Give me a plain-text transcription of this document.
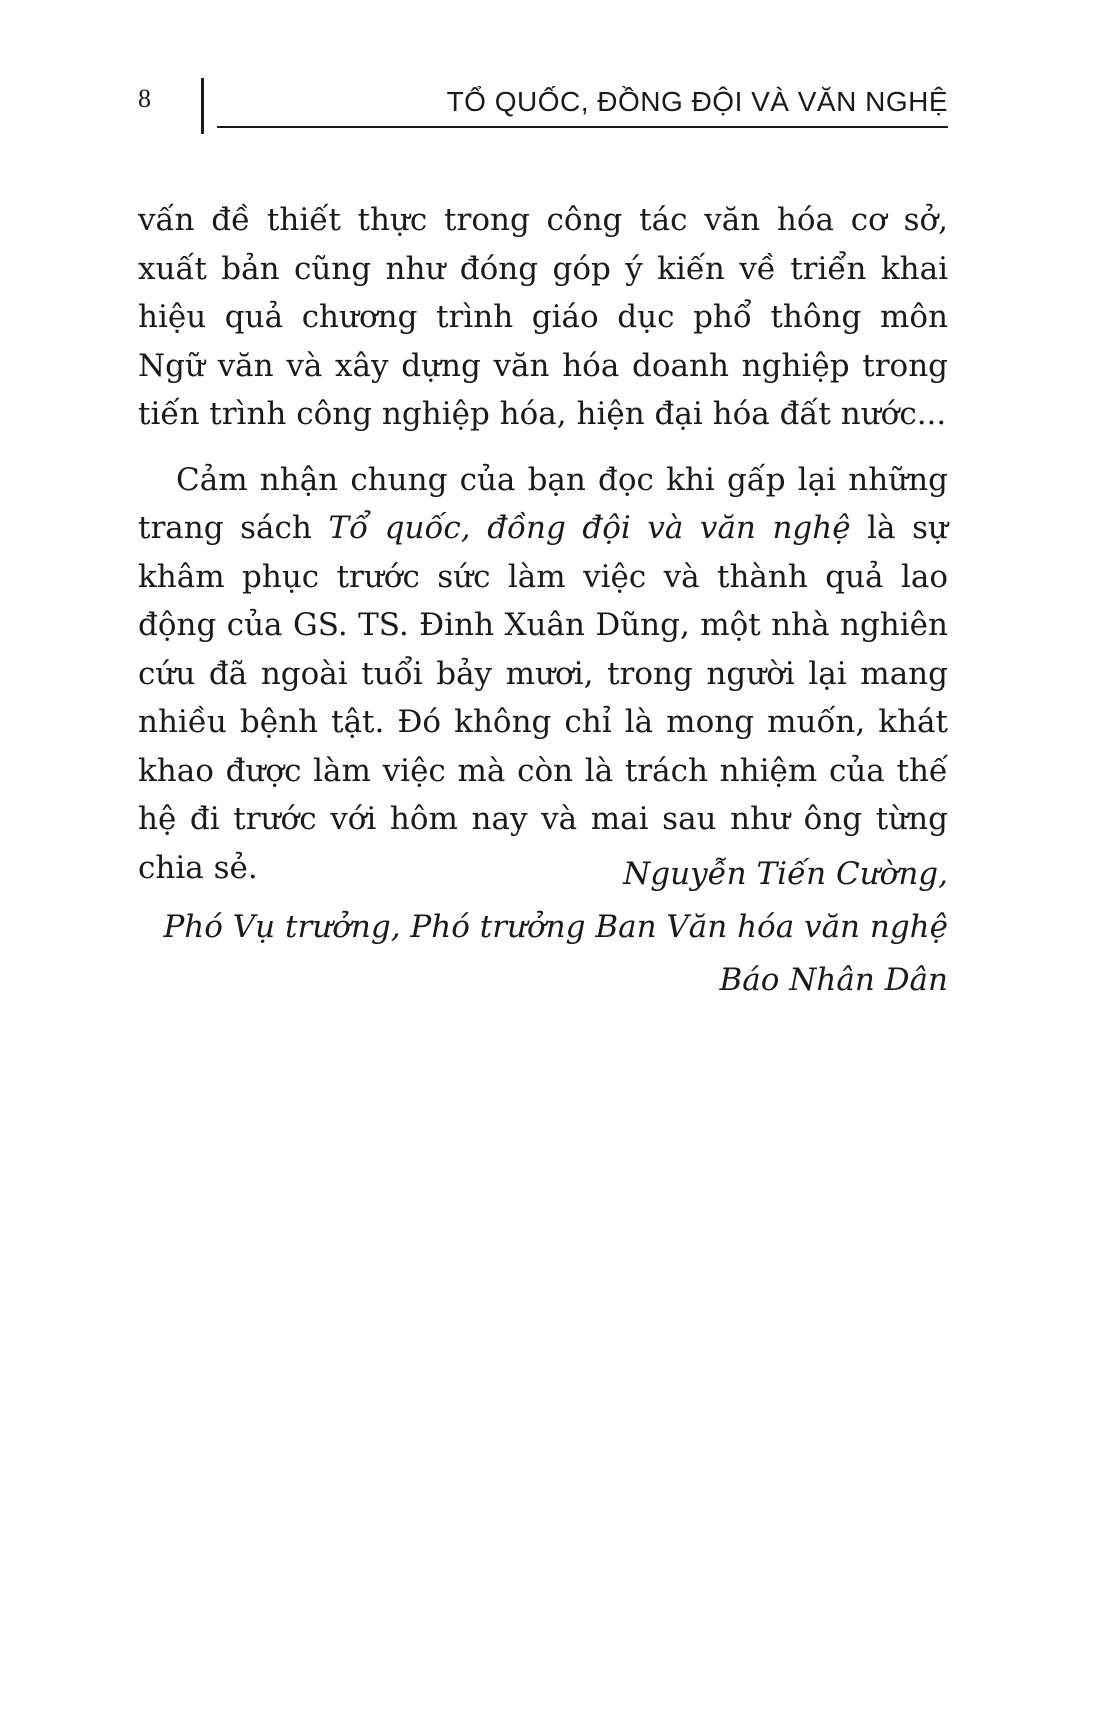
8	TỔ QUỐC, ĐỒNG ĐỘI VÀ VĂN NGHỆ

vấn đề thiết thực trong công tác văn hóa cơ sở, xuất bản cũng như đóng góp ý kiến về triển khai hiệu quả chương trình giáo dục phổ thông môn Ngữ văn và xây dựng văn hóa doanh nghiệp trong tiến trình công nghiệp hóa, hiện đại hóa đất nước...

Cảm nhận chung của bạn đọc khi gấp lại những trang sách Tổ quốc, đồng đội và văn nghệ là sự khâm phục trước sức làm việc và thành quả lao động của GS. TS. Đinh Xuân Dũng, một nhà nghiên cứu đã ngoài tuổi bảy mươi, trong người lại mang nhiều bệnh tật. Đó không chỉ là mong muốn, khát khao được làm việc mà còn là trách nhiệm của thế hệ đi trước với hôm nay và mai sau như ông từng chia sẻ.	Nguyễn Tiến Cường,
Phó Vụ trưởng, Phó trưởng Ban Văn hóa văn nghệ
Báo Nhân Dân
